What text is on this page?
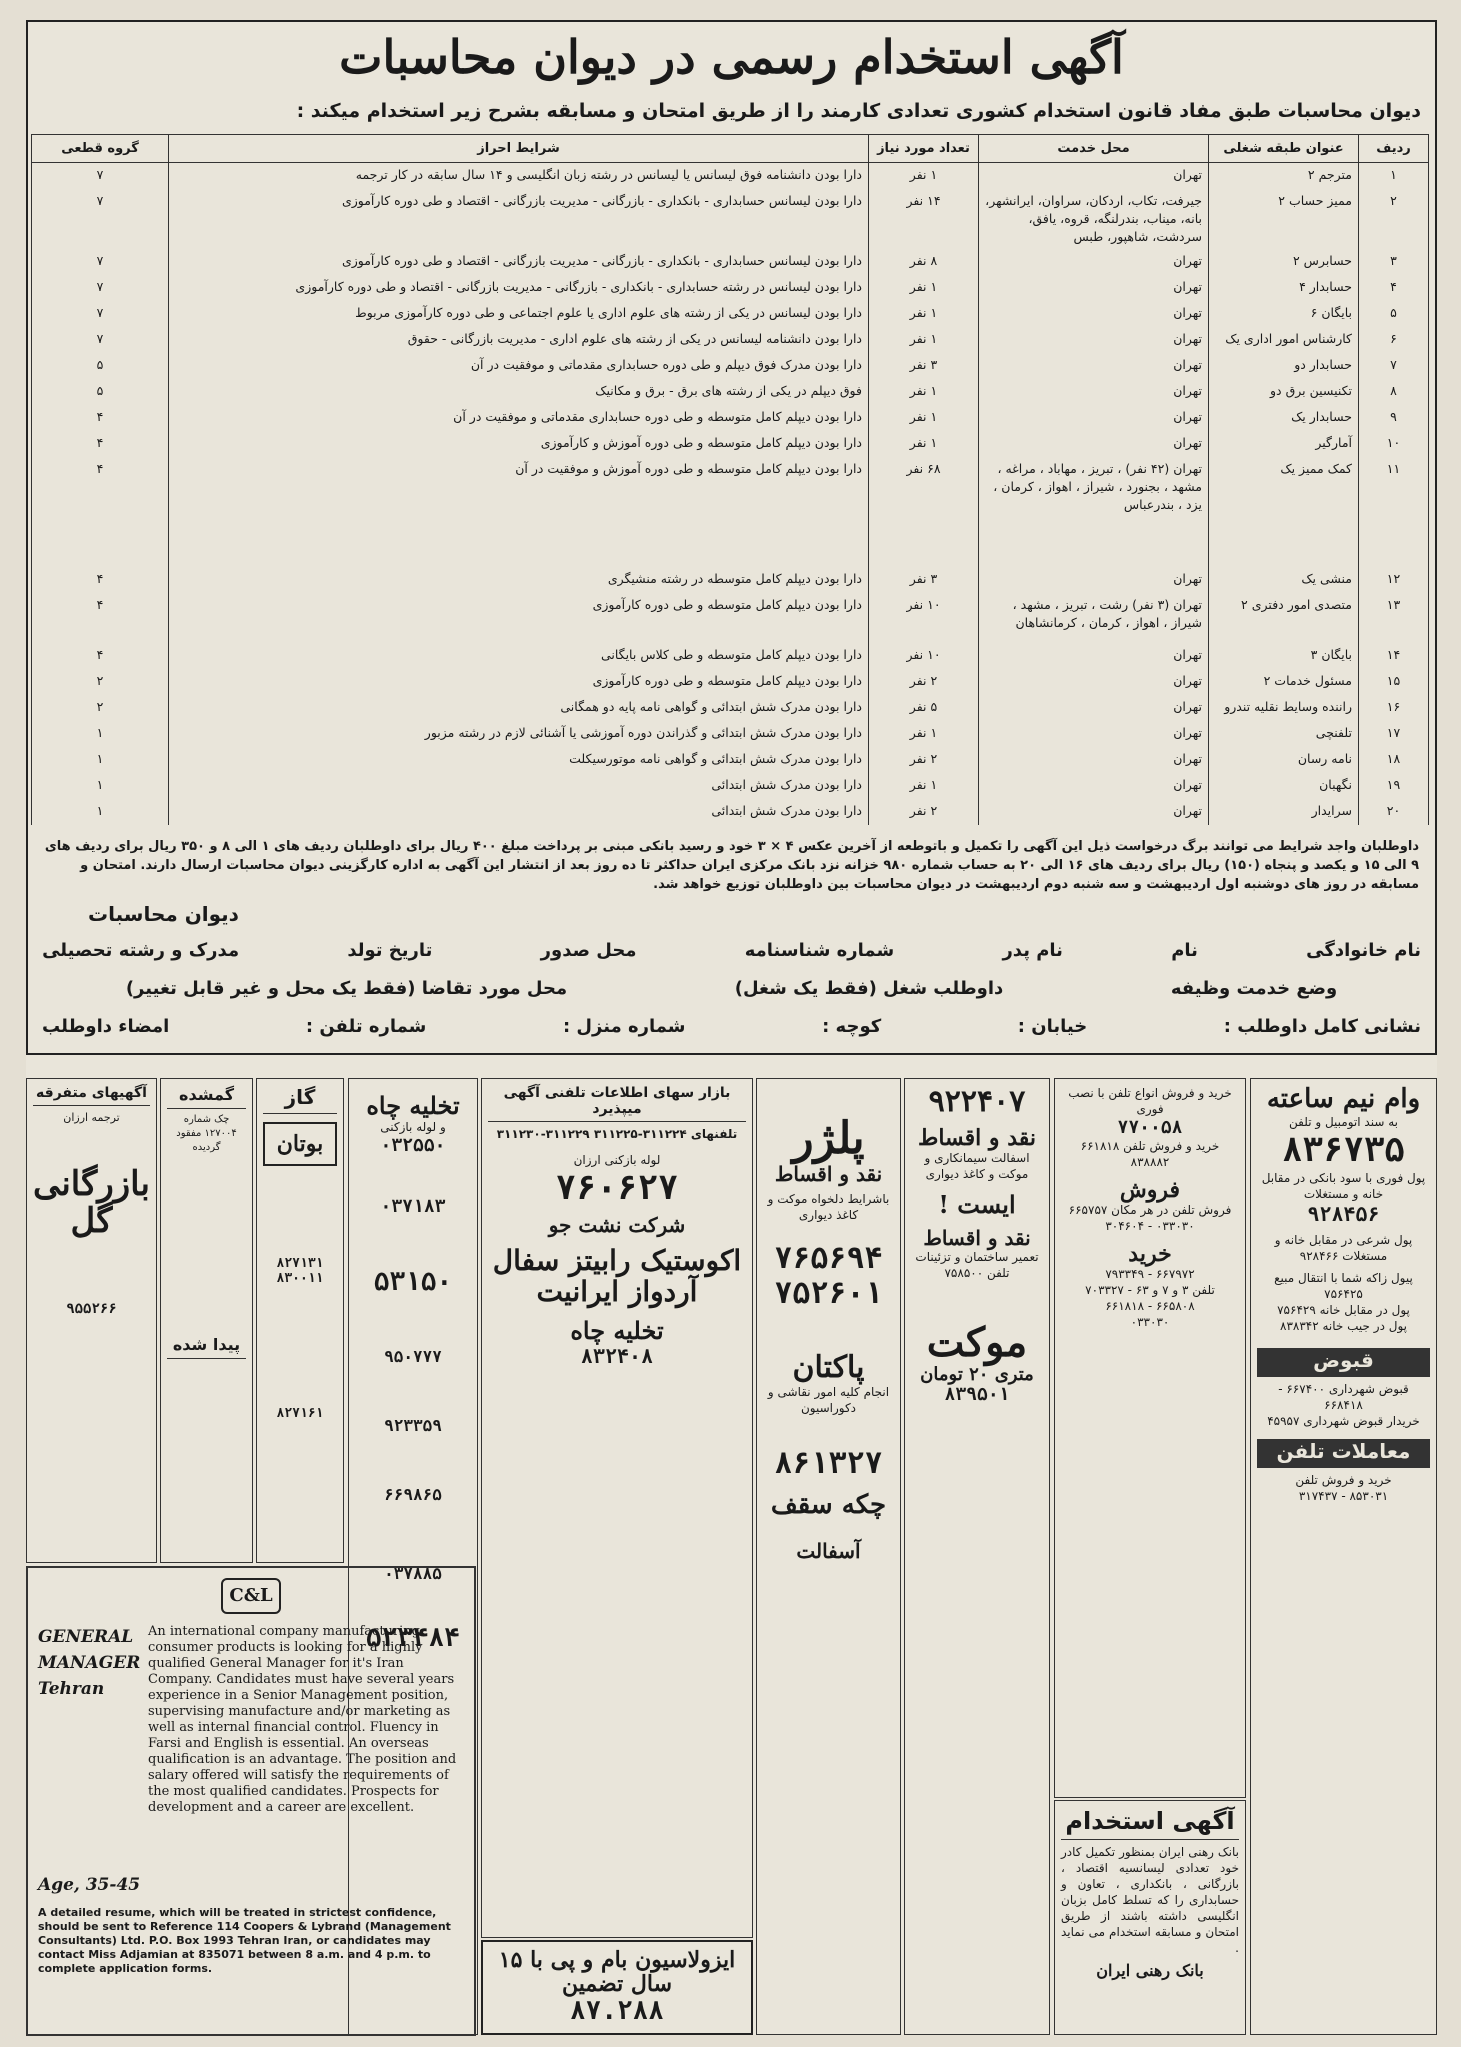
آگهی استخدام رسمی در دیوان محاسبات
دیوان محاسبات طبق مفاد قانون استخدام کشوری تعدادی کارمند را از طریق امتحان و مسابقه بشرح زیر استخدام میکند :
ردیف	عنوان طبقه شغلی	محل خدمت	تعداد مورد نیاز	شرایط احراز	گروه قطعی
۱	مترجم ۲	تهران	۱ نفر	دارا بودن دانشنامه فوق لیسانس یا لیسانس در رشته زبان انگلیسی و ۱۴ سال سابقه در کار ترجمه	۷
۲	ممیز حساب ۲	جیرفت، تکاب، اردکان، سراوان، ایرانشهر، بانه، میناب، بندرلنگه، قروه، یافق، سردشت، شاهپور، طبس	۱۴ نفر	دارا بودن لیسانس حسابداری - بانکداری - بازرگانی - مدیریت بازرگانی - اقتصاد و طی دوره کارآموزی	۷
۳	حسابرس ۲	تهران	۸ نفر	دارا بودن لیسانس حسابداری - بانکداری - بازرگانی - مدیریت بازرگانی - اقتصاد و طی دوره کارآموزی	۷
۴	حسابدار ۴	تهران	۱ نفر	دارا بودن لیسانس در رشته حسابداری - بانکداری - بازرگانی - مدیریت بازرگانی - اقتصاد و طی دوره کارآموزی	۷
۵	بایگان ۶	تهران	۱ نفر	دارا بودن لیسانس در یکی از رشته های علوم اداری یا علوم اجتماعی و طی دوره کارآموزی مربوط	۷
۶	کارشناس امور اداری یک	تهران	۱ نفر	دارا بودن دانشنامه لیسانس در یکی از رشته های علوم اداری - مدیریت بازرگانی - حقوق	۷
۷	حسابدار دو	تهران	۳ نفر	دارا بودن مدرک فوق دیپلم و طی دوره حسابداری مقدماتی و موفقیت در آن	۵
۸	تکنیسین برق دو	تهران	۱ نفر	فوق دیپلم در یکی از رشته های برق - برق و مکانیک	۵
۹	حسابدار یک	تهران	۱ نفر	دارا بودن دیپلم کامل متوسطه و طی دوره حسابداری مقدماتی و موفقیت در آن	۴
۱۰	آمارگیر	تهران	۱ نفر	دارا بودن دیپلم کامل متوسطه و طی دوره آموزش و کارآموزی	۴
۱۱	کمک ممیز یک	تهران (۴۲ نفر) ، تبریز ، مهاباد ، مراغه ، مشهد ، بجنورد ، شیراز ، اهواز ، کرمان ، یزد ، بندرعباس	۶۸ نفر	دارا بودن دیپلم کامل متوسطه و طی دوره آموزش و موفقیت در آن	۴
۱۲	منشی یک	تهران	۳ نفر	دارا بودن دیپلم کامل متوسطه در رشته منشیگری	۴
۱۳	متصدی امور دفتری ۲	تهران (۳ نفر) رشت ، تبریز ، مشهد ، شیراز ، اهواز ، کرمان ، کرمانشاهان	۱۰ نفر	دارا بودن دیپلم کامل متوسطه و طی دوره کارآموزی	۴
۱۴	بایگان ۳	تهران	۱۰ نفر	دارا بودن دیپلم کامل متوسطه و طی کلاس بایگانی	۴
۱۵	مسئول خدمات ۲	تهران	۲ نفر	دارا بودن دیپلم کامل متوسطه و طی دوره کارآموزی	۲
۱۶	راننده وسایط نقلیه تندرو	تهران	۵ نفر	دارا بودن مدرک شش ابتدائی و گواهی نامه پایه دو همگانی	۲
۱۷	تلفنچی	تهران	۱ نفر	دارا بودن مدرک شش ابتدائی و گذراندن دوره آموزشی یا آشنائی لازم در رشته مزبور	۱
۱۸	نامه رسان	تهران	۲ نفر	دارا بودن مدرک شش ابتدائی و گواهی نامه موتورسیکلت	۱
۱۹	نگهبان	تهران	۱ نفر	دارا بودن مدرک شش ابتدائی	۱
۲۰	سرایدار	تهران	۲ نفر	دارا بودن مدرک شش ابتدائی	۱
داوطلبان واجد شرایط می توانند برگ درخواست ذیل این آگهی را تکمیل و باتوطعه از آخرین عکس ۴ × ۳ خود و رسید بانکی مبنی بر پرداخت مبلغ ۴۰۰ ریال برای داوطلبان ردیف های ۱ الی ۸ و ۳۵۰ ریال برای ردیف های ۹ الی ۱۵ و یکصد و پنجاه (۱۵۰) ریال برای ردیف های ۱۶ الی ۲۰ به حساب شماره ۹۸۰ خزانه نزد بانک مرکزی ایران حداکثر تا ده روز بعد از انتشار این آگهی به اداره کارگزینی دیوان محاسبات ارسال دارند. امتحان و مسابقه در روز های دوشنبه اول اردیبهشت و سه شنبه دوم اردیبهشت در دیوان محاسبات بین داوطلبان توزیع خواهد شد.
دیوان محاسبات
نام خانوادگی
نام
نام پدر
شماره شناسنامه
محل صدور
تاریخ تولد
مدرک و رشته تحصیلی
وضع خدمت وظیفه
داوطلب شغل (فقط یک شغل)
محل مورد تقاضا (فقط یک محل و غیر قابل تغییر)
نشانی کامل داوطلب :
خیابان :
کوچه :
شماره منزل :
شماره تلفن :
امضاء داوطلب
وام نیم ساعته
به سند اتومبیل و تلفن
۸۳۶۷۳۵
پول فوری با سود بانکی در مقابل خانه و مستغلات
۹۲۸۴۵۶
پول شرعی در مقابل خانه و مستغلات ۹۲۸۴۶۶
پیول زاکه شما با انتقال مبیع ۷۵۶۴۲۵
پول در مقابل خانه ۷۵۶۴۲۹
پول در جیب خانه ۸۳۸۳۴۲
قبوض
قبوض شهرداری ۶۶۷۴۰۰ - ۶۶۸۴۱۸
خریدار قبوض شهرداری ۴۵۹۵۷
معاملات تلفن
خرید و فروش تلفن
۸۵۳۰۳۱ - ۳۱۷۴۳۷
خرید و فروش انواع تلفن با نصب فوری
۷۷۰۰۵۸
خرید و فروش تلفن ۶۶۱۸۱۸
۸۳۸۸۸۲
فروش
فروش تلفن در هر مکان ۶۶۵۷۵۷
۰۳۳۰۳۰ - ۳۰۴۶۰۴
خرید
۶۶۷۹۷۲ - ۷۹۳۳۴۹
تلفن ۳ و ۷ و ۶۳ - ۷۰۳۳۲۷
۶۶۵۸۰۸ - ۶۶۱۸۱۸
۰۳۳۰۳۰
آگهی استخدام
بانک رهنی ایران بمنظور تکمیل کادر خود تعدادی لیسانسیه اقتصاد ، بازرگانی ، بانکداری ، تعاون و حسابداری را که تسلط کامل بزبان انگلیسی داشته باشند از طریق امتحان و مسابقه استخدام می نماید .
بانک رهنی ایران
۹۲۲۴۰۷
نقد و اقساط
اسفالت سیمانکاری و موکت و کاغذ دیواری
ایست !
نقد و اقساط
تعمیر ساختمان و تزئینات
تلفن ۷۵۸۵۰۰
موکت
متری ۲۰ تومان
۸۳۹۵۰۱
پلژر
نقد و اقساط
باشرایط دلخواه موکت و کاغذ دیواری
۷۶۵۶۹۴
۷۵۲۶۰۱
پاکتان
انجام کلیه امور نقاشی و دکوراسیون
۸۶۱۳۲۷
چکه سقف
آسفالت
بازار سهای اطلاعات تلفنی آگهی میپذیرد
تلفنهای ۳۱۱۲۲۴-۳۱۱۲۲۵ ۳۱۱۲۲۹-۳۱۱۲۳۰
لوله بازکنی ارزان
۷۶۰۶۲۷
شرکت نشت جو
اکوستیک رابیتز سفال آردواز ایرانیت
تخلیه چاه
۸۳۲۴۰۸
ایزولاسیون بام و پی با ۱۵ سال تضمین
۸۷.۲۸۸
تخلیه چاه
و لوله بازکنی
۰۳۲۵۵۰
۰۳۷۱۸۳
۵۳۱۵۰
۹۵۰۷۷۷
۹۲۳۳۵۹
۶۶۹۸۶۵
۰۳۷۸۸۵
۵۲۳۴۸۴
گاز
بوتان
۸۲۷۱۳۱
۸۳۰۰۱۱
۸۲۷۱۶۱
گمشده
چک شماره ۱۲۷۰۰۴ مفقود گردیده
پیدا شده
آگهیهای متفرقه
ترجمه ارزان
بازرگانی گل
۹۵۵۲۶۶
C&L
GENERAL MANAGER Tehran
Age, 35-45
An international company manufacturing consumer products is looking for a highly qualified General Manager for it's Iran Company. Candidates must have several years experience in a Senior Management position, supervising manufacture and/or marketing as well as internal financial control. Fluency in Farsi and English is essential. An overseas qualification is an advantage. The position and salary offered will satisfy the requirements of the most qualified candidates. Prospects for development and a career are excellent.
A detailed resume, which will be treated in strictest confidence, should be sent to Reference 114 Coopers & Lybrand (Management Consultants) Ltd. P.O. Box 1993 Tehran Iran, or candidates may contact Miss Adjamian at 835071 between 8 a.m. and 4 p.m. to complete application forms.
